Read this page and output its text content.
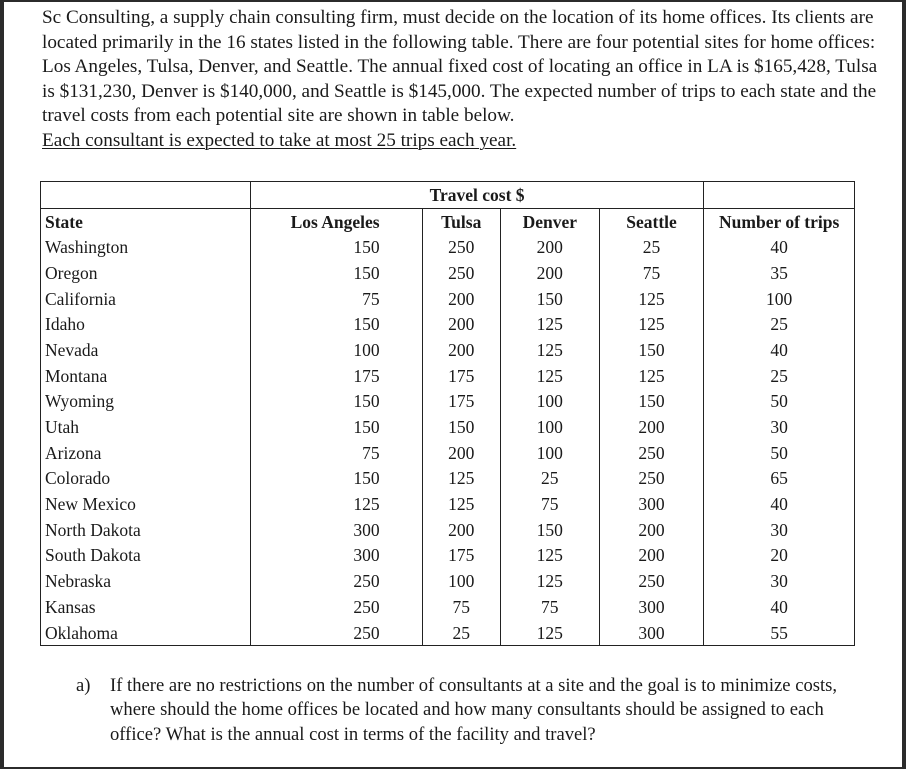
Sc Consulting, a supply chain consulting firm, must decide on the location of its home offices. Its clients are located primarily in the 16 states listed in the following table. There are four potential sites for home offices: Los Angeles, Tulsa, Denver, and Seattle. The annual fixed cost of locating an office in LA is $165,428, Tulsa is $131,230, Denver is $140,000, and Seattle is $145,000. The expected number of trips to each state and the travel costs from each potential site are shown in table below.

Each consultant is expected to take at most 25 trips each year.

	Travel cost $				
State	Los Angeles	Tulsa	Denver	Seattle	Number of trips
Washington	150	250	200	25	40
Oregon	150	250	200	75	35
California	75	200	150	125	100
Idaho	150	200	125	125	25
Nevada	100	200	125	150	40
Montana	175	175	125	125	25
Wyoming	150	175	100	150	50
Utah	150	150	100	200	30
Arizona	75	200	100	250	50
Colorado	150	125	25	250	65
New Mexico	125	125	75	300	40
North Dakota	300	200	150	200	30
South Dakota	300	175	125	200	20
Nebraska	250	100	125	250	30
Kansas	250	75	75	300	40
Oklahoma	250	25	125	300	55
a)	If there are no restrictions on the number of consultants at a site and the goal is to minimize costs, where should the home offices be located and how many consultants should be assigned to each office? What is the annual cost in terms of the facility and travel?
